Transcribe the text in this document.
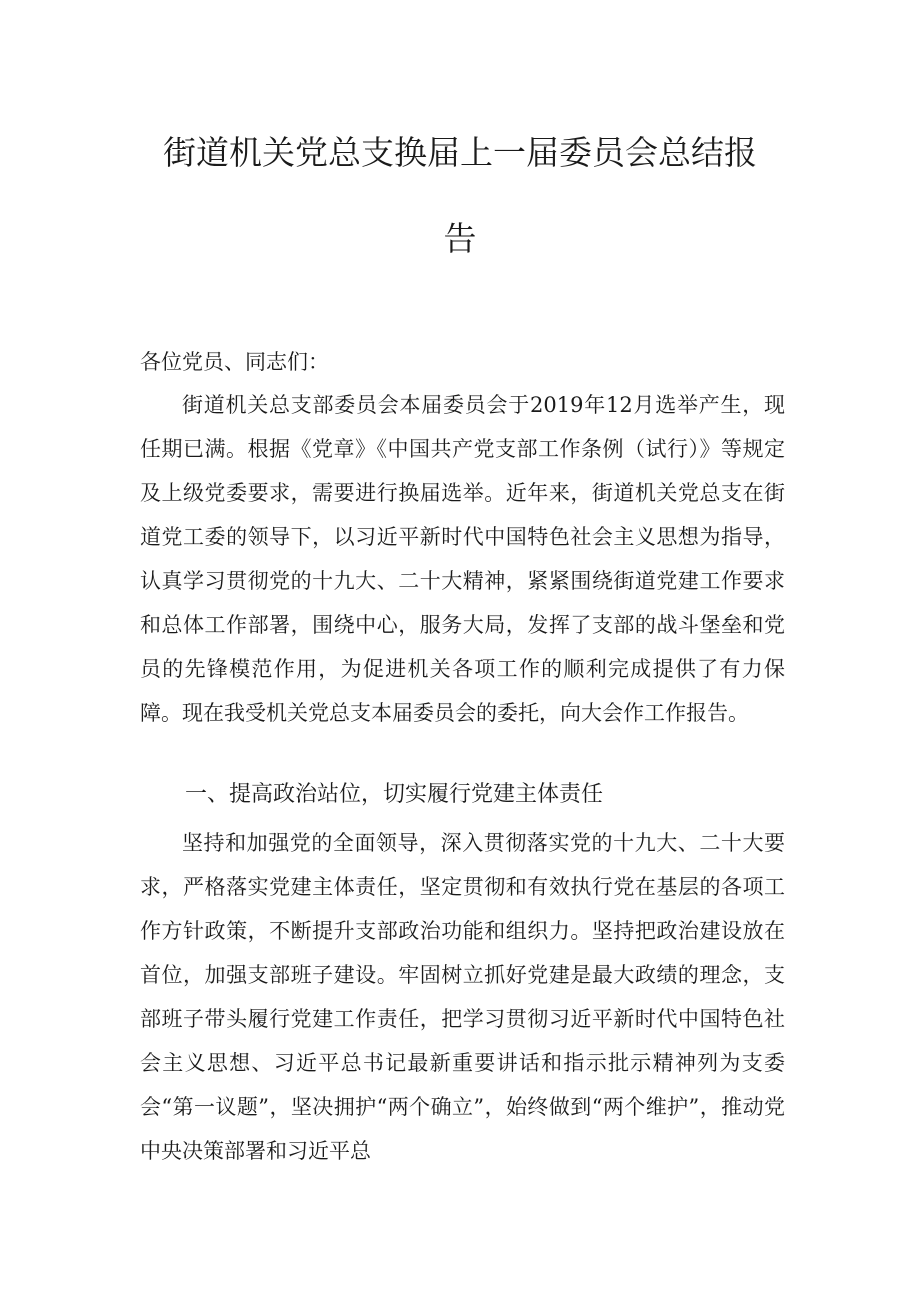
街道机关党总支换届上一届委员会总结报
告
各位党员、同志们：

街道机关总支部委员会本届委员会于2019年12月选举产生，现任期已满。根据《党章》《中国共产党支部工作条例（试行）》等规定及上级党委要求，需要进行换届选举。近年来，街道机关党总支在街道党工委的领导下，以习近平新时代中国特色社会主义思想为指导，认真学习贯彻党的十九大、二十大精神，紧紧围绕街道党建工作要求和总体工作部署，围绕中心，服务大局，发挥了支部的战斗堡垒和党员的先锋模范作用，为促进机关各项工作的顺利完成提供了有力保障。现在我受机关党总支本届委员会的委托，向大会作工作报告。

一、提高政治站位，切实履行党建主体责任

坚持和加强党的全面领导，深入贯彻落实党的十九大、二十大要求，严格落实党建主体责任，坚定贯彻和有效执行党在基层的各项工作方针政策，不断提升支部政治功能和组织力。坚持把政治建设放在首位，加强支部班子建设。牢固树立抓好党建是最大政绩的理念，支部班子带头履行党建工作责任，把学习贯彻习近平新时代中国特色社会主义思想、习近平总书记最新重要讲话和指示批示精神列为支委会“第一议题”，坚决拥护“两个确立”，始终做到“两个维护”，推动党中央决策部署和习近平总
